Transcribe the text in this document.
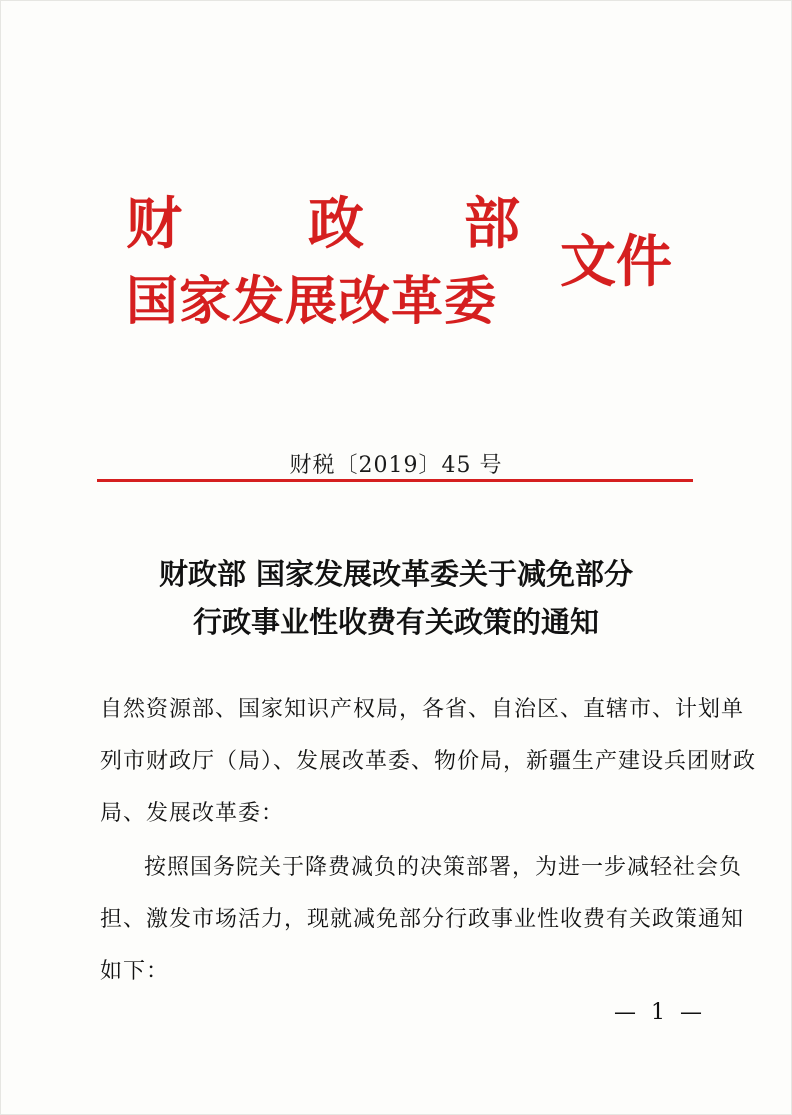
财 政 部
国家发展改革委
文件
财税〔2019〕45 号
财政部 国家发展改革委关于减免部分
行政事业性收费有关政策的通知
自然资源部、国家知识产权局，各省、自治区、直辖市、计划单
列市财政厅（局）、发展改革委、物价局，新疆生产建设兵团财政
局、发展改革委：
按照国务院关于降费减负的决策部署，为进一步减轻社会负
担、激发市场活力，现就减免部分行政事业性收费有关政策通知
如下：
— 1 —
